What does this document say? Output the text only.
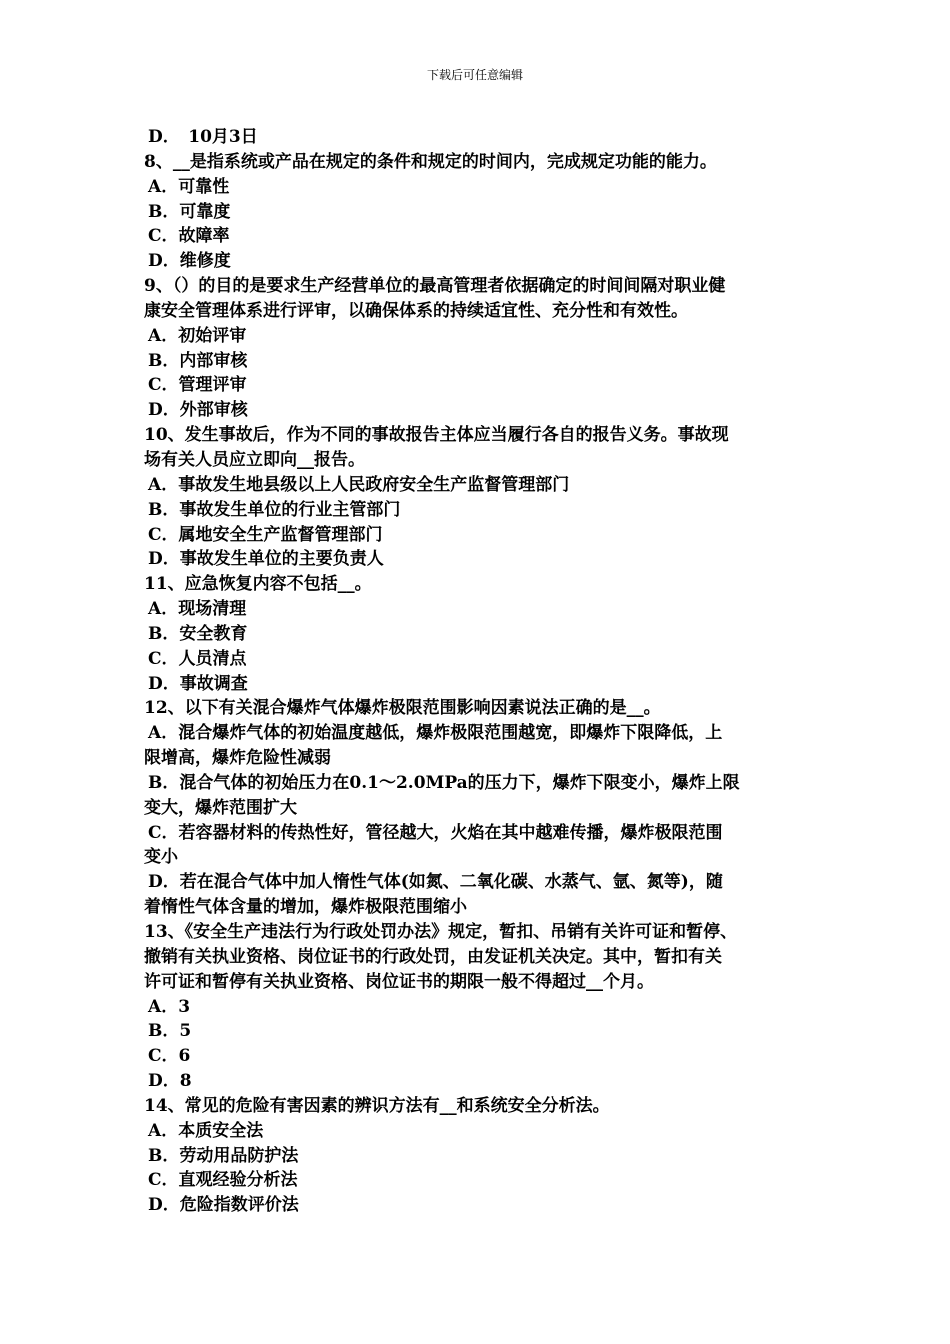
下载后可任意编辑
D．　10月3日
8、__是指系统或产品在规定的条件和规定的时间内，完成规定功能的能力。
A．可靠性
B．可靠度
C．故障率
D．维修度
9、（）的目的是要求生产经营单位的最高管理者依据确定的时间间隔对职业健
康安全管理体系进行评审，以确保体系的持续适宜性、充分性和有效性。
A．初始评审
B．内部审核
C．管理评审
D．外部审核
10、发生事故后，作为不同的事故报告主体应当履行各自的报告义务。事故现
场有关人员应立即向__报告。
A．事故发生地县级以上人民政府安全生产监督管理部门
B．事故发生单位的行业主管部门
C．属地安全生产监督管理部门
D．事故发生单位的主要负责人
11、应急恢复内容不包括__。
A．现场清理
B．安全教育
C．人员清点
D．事故调查
12、以下有关混合爆炸气体爆炸极限范围影响因素说法正确的是__。
A．混合爆炸气体的初始温度越低，爆炸极限范围越宽，即爆炸下限降低，上
限增高，爆炸危险性减弱
B．混合气体的初始压力在0.1～2.0MPa的压力下，爆炸下限变小，爆炸上限
变大，爆炸范围扩大
C．若容器材料的传热性好，管径越大，火焰在其中越难传播，爆炸极限范围
变小
D．若在混合气体中加人惰性气体(如氮、二氧化碳、水蒸气、氩、氮等)，随
着惰性气体含量的增加，爆炸极限范围缩小
13、《安全生产违法行为行政处罚办法》规定，暂扣、吊销有关许可证和暂停、
撤销有关执业资格、岗位证书的行政处罚，由发证机关决定。其中，暂扣有关
许可证和暂停有关执业资格、岗位证书的期限一般不得超过__个月。
A．3
B．5
C．6
D．8
14、常见的危险有害因素的辨识方法有__和系统安全分析法。
A．本质安全法
B．劳动用品防护法
C．直观经验分析法
D．危险指数评价法
